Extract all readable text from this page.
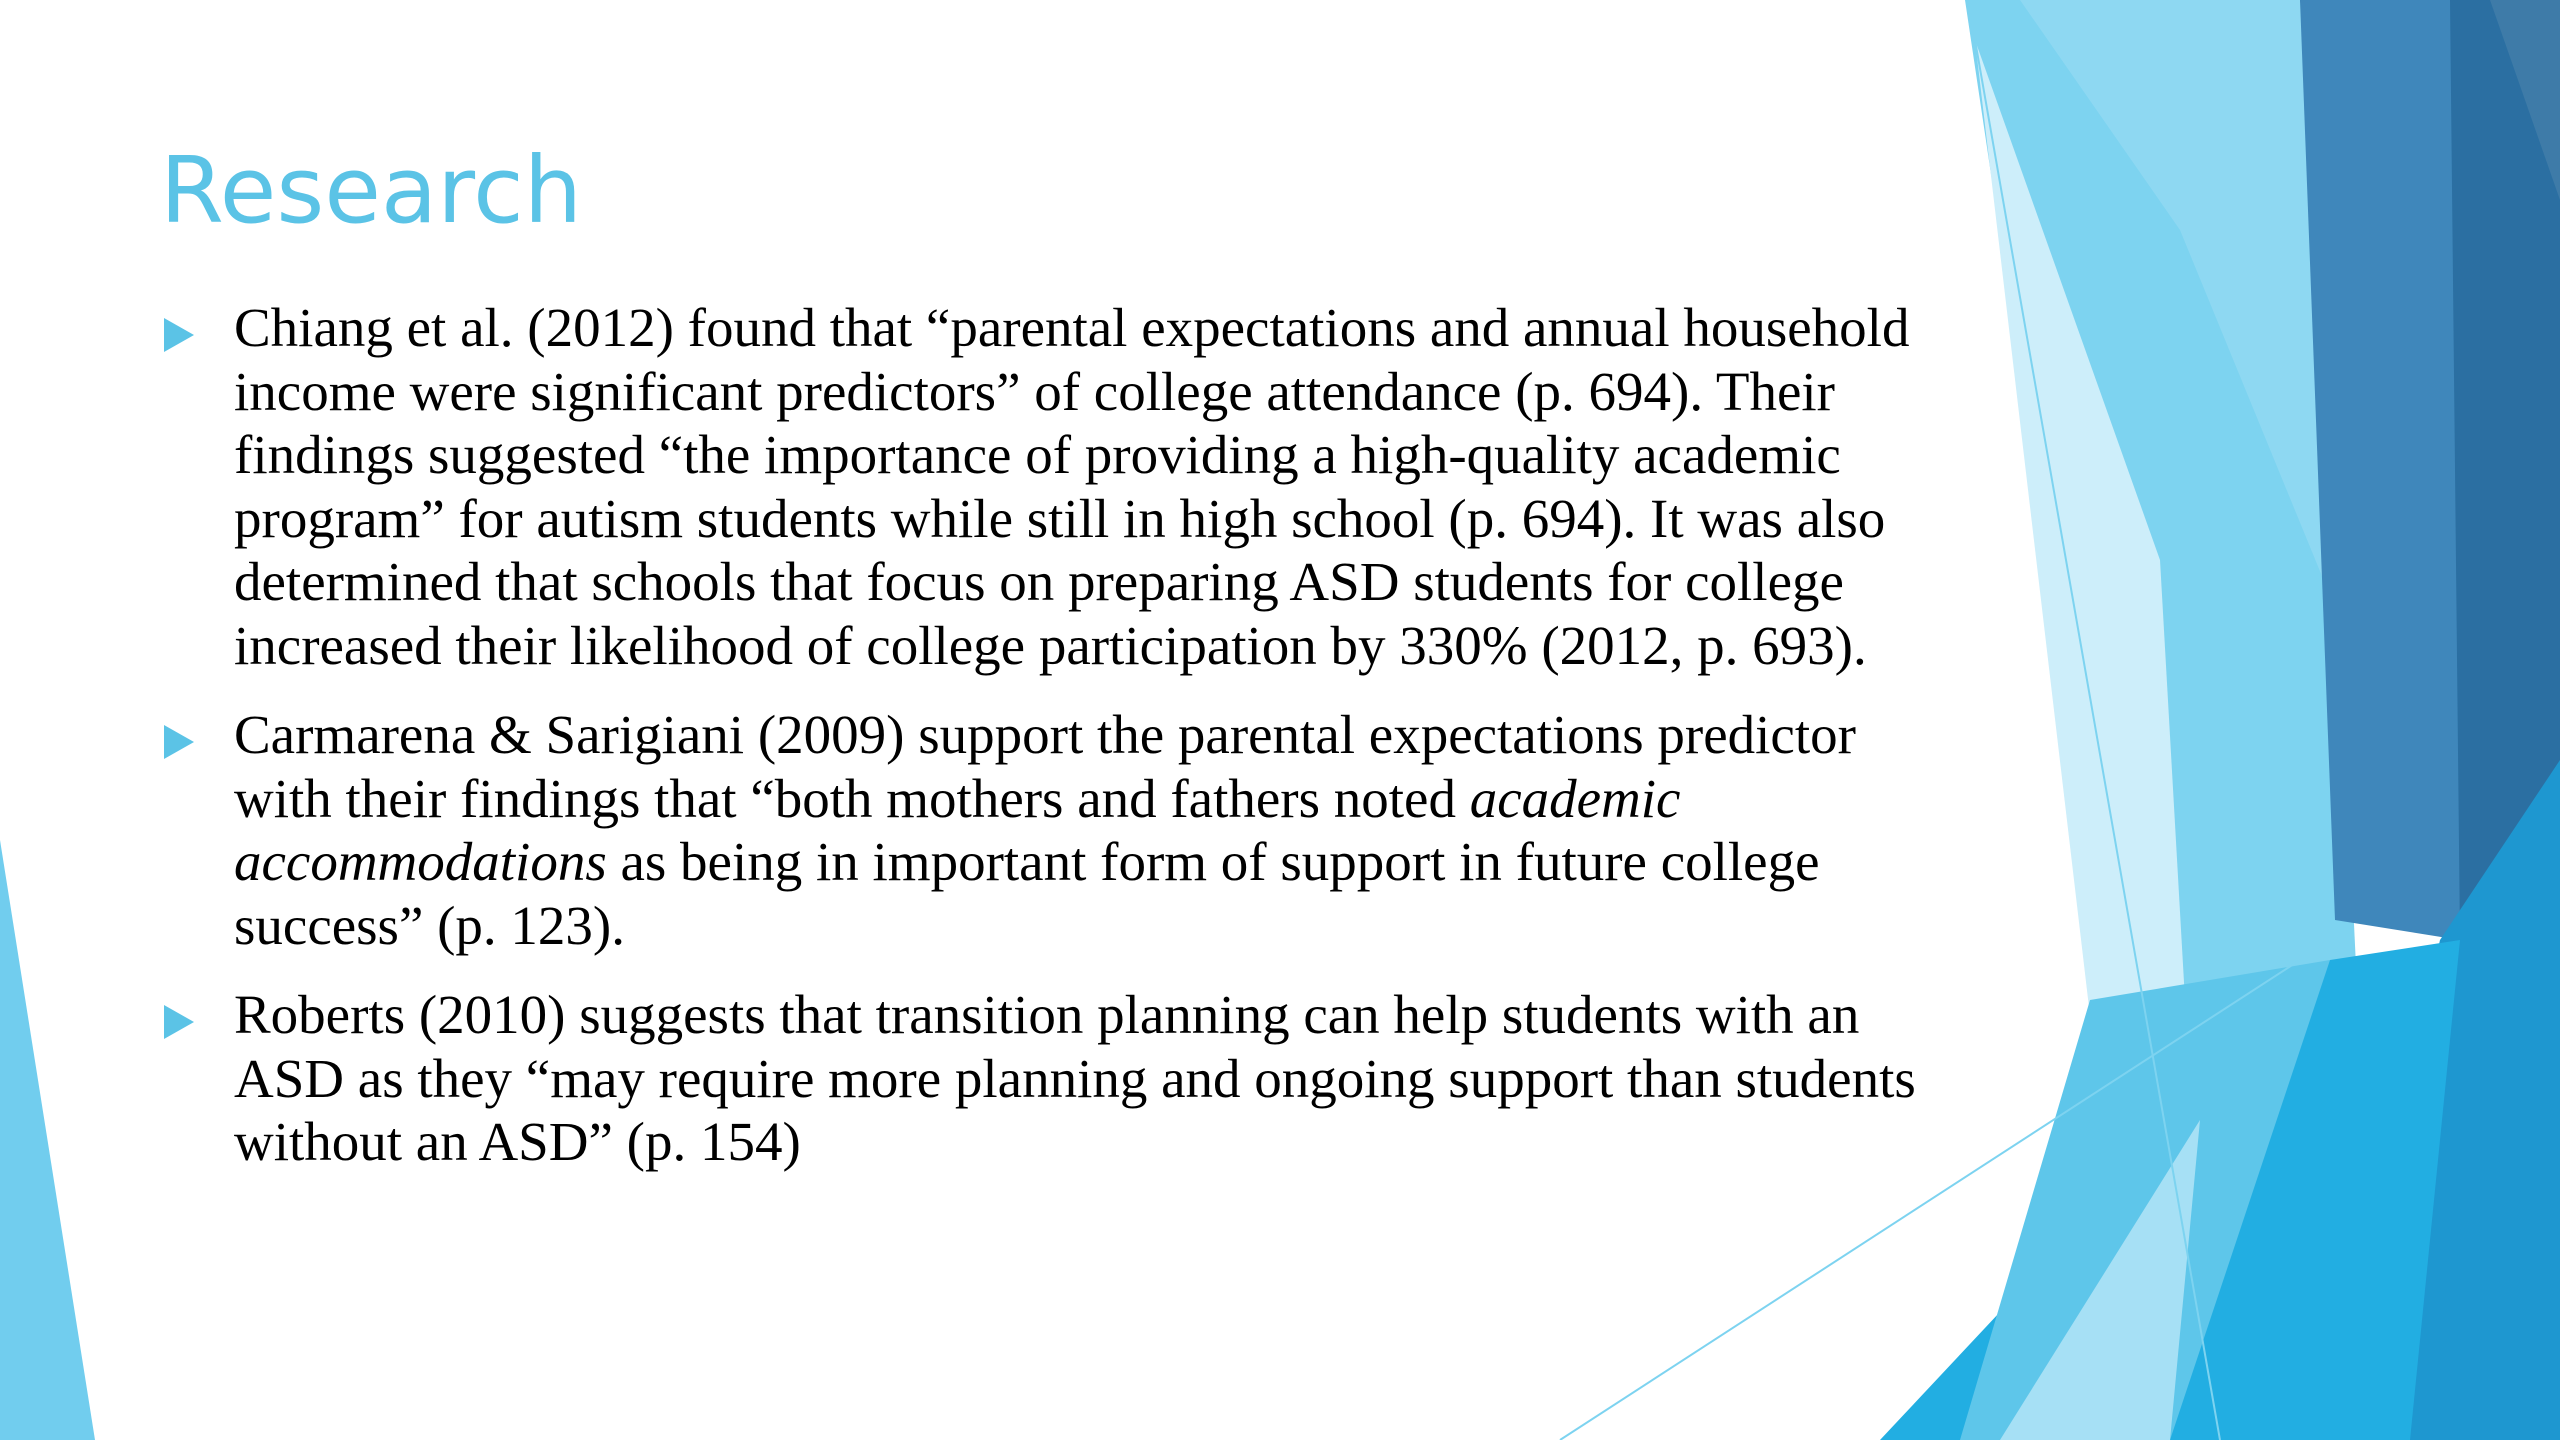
Research
Chiang et al. (2012) found that “parental expectations and annual household income were significant predictors” of college attendance (p. 694). Their findings suggested “the importance of providing a high-quality academic program” for autism students while still in high school (p. 694). It was also determined that schools that focus on preparing ASD students for college increased their likelihood of college participation by 330% (2012, p. 693).
Carmarena & Sarigiani (2009) support the parental expectations predictor with their findings that “both mothers and fathers noted academic accommodations as being in important form of support in future college success” (p. 123).
Roberts (2010) suggests that transition planning can help students with an ASD as they “may require more planning and ongoing support than students without an ASD” (p. 154)
